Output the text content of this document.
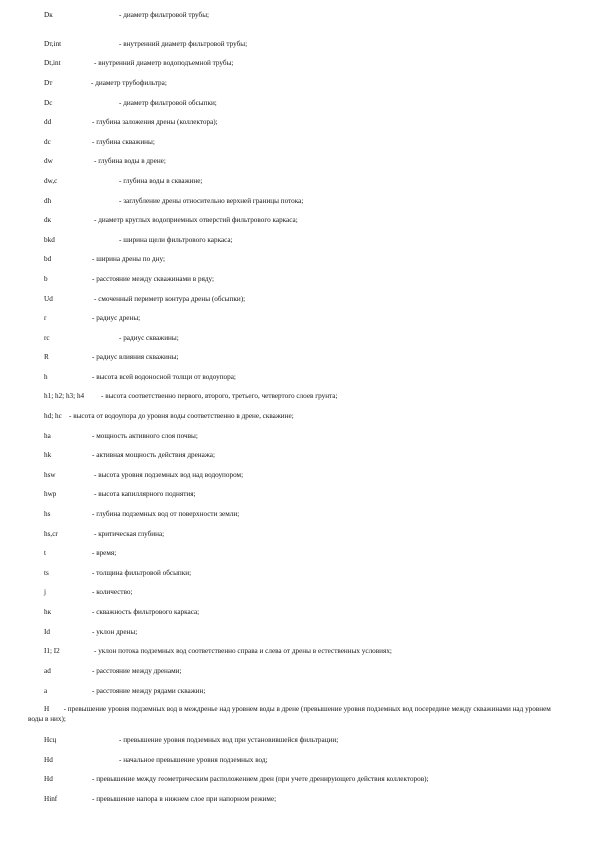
Dк	- диаметр фильтровой трубы;
Dт,int	- внутренний диаметр фильтровой трубы;
Dt,int	- внутренний диаметр водоподъемной трубы;
Dт	- диаметр трубофильтра;
Dc	- диаметр фильтровой обсыпки;
dd	- глубина заложения дрены (коллектора);
dc	- глубина скважины;
dw	- глубина воды в дрене;
dw,c	- глубина воды в скважине;
dh	- заглубление дрены относительно верхней границы потока;
dк	- диаметр круглых водоприемных отверстий фильтрового каркаса;
bkd	- ширина щели фильтрового каркаса;
bd	- ширина дрены по дну;
b	- расстояние между скважинами в ряду;
Ud	- смоченный периметр контура дрены (обсыпки);
r	- радиус дрены;
rc	- радиус скважины;
R	- радиус влияния скважины;
h	- высота всей водоносной толщи от водоупора;
h1; h2; h3; h4 - высота соответственно первого, второго, третьего, четвертого слоев грунта;
hd; hc - высота от водоупора до уровня воды соответственно в дрене, скважине;
ha	- мощность активного слоя почвы;
hk	- активная мощность действия дренажа;
hsw	- высота уровня подземных вод над водоупором;
hwp	- высота капиллярного поднятия;
hs	- глубина подземных вод от поверхности земли;
hs,cr	- критическая глубина;
t	- время;
ts	- толщина фильтровой обсыпки;
j	- количество;
hк	- скважность фильтрового каркаса;
Id	- уклон дрены;
I1; I2	- уклон потока подземных вод соответственно справа и слева от дрены в естественных условиях;
ad	- расстояние между дренами;
a	- расстояние между рядами скважин;
H - превышение уровня подземных вод в междренье над уровнем воды в дрене (превышение уровня подземных вод посередине между скважинами над уровнем воды в них);
Hсц	- превышение уровня подземных вод при установившейся фильтрации;
Hd	- начальное превышение уровня подземных вод;
Hd	- превышение между геометрическим расположением дрен (при учете дренирующего действия коллекторов);
Hinf	- превышение напора в нижнем слое при напорном режиме;
